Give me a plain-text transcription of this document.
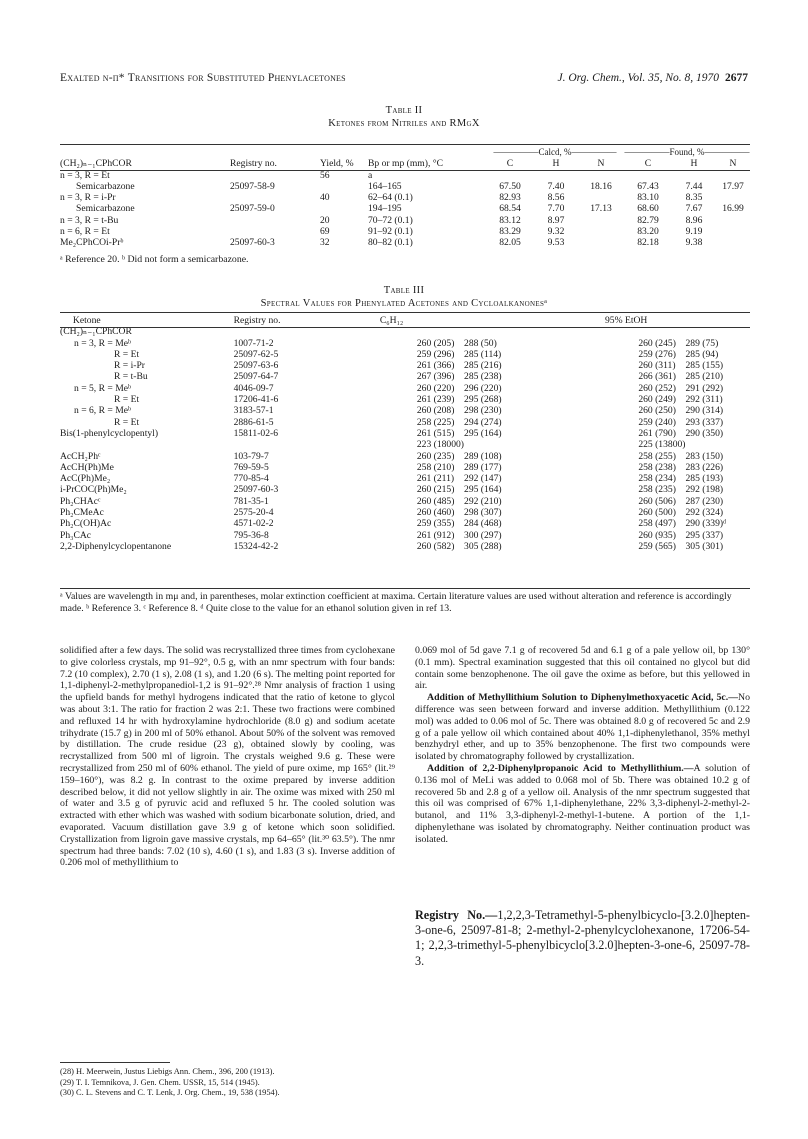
Exalted n-π* Transitions for Substituted Phenylacetones	J. Org. Chem., Vol. 35, No. 8, 1970 2677
Table II
Ketones from Nitriles and RMgX
				—————Calcd, %—————			—————Found, %—————		
(CH₂)ₙ₋₁CPhCOR	Registry no.	Yield, %	Bp or mp (mm), °C	C	H	N	C	H	N
n = 3, R = Et		56	a						
Semicarbazone	25097-58-9		164–165	67.50	7.40	18.16	67.43	7.44	17.97
n = 3, R = i-Pr		40	62–64 (0.1)	82.93	8.56		83.10	8.35	
Semicarbazone	25097-59-0		194–195	68.54	7.70	17.13	68.60	7.67	16.99
n = 3, R = t-Bu		20	70–72 (0.1)	83.12	8.97		82.79	8.96	
n = 6, R = Et		69	91–92 (0.1)	83.29	9.32		83.20	9.19	
Me₂CPhCOi-Prᵇ	25097-60-3	32	80–82 (0.1)	82.05	9.53		82.18	9.38	
ᵃ Reference 20. ᵇ Did not form a semicarbazone.
Table III
Spectral Values for Phenylated Acetones and Cycloalkanonesᵃ
Ketone	Registry no.	C₆H₁₂		95% EtOH	
(CH₂)ₙ₋₁CPhCOR					
n = 3, R = Meᵇ	1007-71-2	260 (205)	288 (50)	260 (245)	289 (75)
R = Et	25097-62-5	259 (296)	285 (114)	259 (276)	285 (94)
R = i-Pr	25097-63-6	261 (366)	285 (216)	260 (311)	285 (155)
R = t-Bu	25097-64-7	267 (396)	285 (238)	266 (361)	285 (210)
n = 5, R = Meᵇ	4046-09-7	260 (220)	296 (220)	260 (252)	291 (292)
R = Et	17206-41-6	261 (239)	295 (268)	260 (249)	292 (311)
n = 6, R = Meᵇ	3183-57-1	260 (208)	298 (230)	260 (250)	290 (314)
R = Et	2886-61-5	258 (225)	294 (274)	259 (240)	293 (337)
Bis(1-phenylcyclopentyl)	15811-02-6	261 (515)	295 (164)	261 (790)	290 (350)
		223 (18000)		225 (13800)	
AcCH₂Phᶜ	103-79-7	260 (235)	289 (108)	258 (255)	283 (150)
AcCH(Ph)Me	769-59-5	258 (210)	289 (177)	258 (238)	283 (226)
AcC(Ph)Me₂	770-85-4	261 (211)	292 (147)	258 (234)	285 (193)
i-PrCOC(Ph)Me₂	25097-60-3	260 (215)	295 (164)	258 (235)	292 (198)
Ph₂CHAcᶜ	781-35-1	260 (485)	292 (210)	260 (506)	287 (230)
Ph₂CMeAc	2575-20-4	260 (460)	298 (307)	260 (500)	292 (324)
Ph₂C(OH)Ac	4571-02-2	259 (355)	284 (468)	258 (497)	290 (339)ᵈ
Ph₃CAc	795-36-8	261 (912)	300 (297)	260 (935)	295 (337)
2,2-Diphenylcyclopentanone	15324-42-2	260 (582)	305 (288)	259 (565)	305 (301)
ᵃ Values are wavelength in mμ and, in parentheses, molar extinction coefficient at maxima. Certain literature values are used without alteration and reference is accordingly made. ᵇ Reference 3. ᶜ Reference 8. ᵈ Quite close to the value for an ethanol solution given in ref 13.

solidified after a few days. The solid was recrystallized three times from cyclohexane to give colorless crystals, mp 91–92°, 0.5 g, with an nmr spectrum with four bands: 7.2 (10 complex), 2.70 (1 s), 2.08 (1 s), and 1.20 (6 s). The melting point reported for 1,1-diphenyl-2-methylpropanediol-1,2 is 91–92°.²⁸ Nmr analysis of fraction 1 using the upfield bands for methyl hydrogens indicated that the ratio of ketone to glycol was about 3:1. The ratio for fraction 2 was 2:1. These two fractions were combined and refluxed 14 hr with hydroxylamine hydrochloride (8.0 g) and sodium acetate trihydrate (15.7 g) in 200 ml of 50% ethanol. About 50% of the solvent was removed by distillation. The crude residue (23 g), obtained slowly by cooling, was recrystallized from 500 ml of ligroin. The crystals weighed 9.6 g. These were recrystallized from 250 ml of 60% ethanol. The yield of pure oxime, mp 165° (lit.²⁹ 159–160°), was 8.2 g. In contrast to the oxime prepared by inverse addition described below, it did not yellow slightly in air. The oxime was mixed with 250 ml of water and 3.5 g of pyruvic acid and refluxed 5 hr. The cooled solution was extracted with ether which was washed with sodium bicarbonate solution, dried, and evaporated. Vacuum distillation gave 3.9 g of ketone which soon solidified. Crystallization from ligroin gave massive crystals, mp 64–65° (lit.³⁰ 63.5°). The nmr spectrum had three bands: 7.02 (10 s), 4.60 (1 s), and 1.83 (3 s). Inverse addition of 0.206 mol of methyllithium to

0.069 mol of 5d gave 7.1 g of recovered 5d and 6.1 g of a pale yellow oil, bp 130° (0.1 mm). Spectral examination suggested that this oil contained no glycol but did contain some benzophenone. The oil gave the oxime as before, but this yellowed in air.

Addition of Methyllithium Solution to Diphenylmethoxyacetic Acid, 5c.—No difference was seen between forward and inverse addition. Methyllithium (0.122 mol) was added to 0.06 mol of 5c. There was obtained 8.0 g of recovered 5c and 2.9 g of a pale yellow oil which contained about 40% 1,1-diphenylethanol, 35% methyl benzhydryl ether, and up to 35% benzophenone. The first two compounds were isolated by chromatography followed by crystallization.

Addition of 2,2-Diphenylpropanoic Acid to Methyllithium.—A solution of 0.136 mol of MeLi was added to 0.068 mol of 5b. There was obtained 10.2 g of recovered 5b and 2.8 g of a yellow oil. Analysis of the nmr spectrum suggested that this oil was comprised of 67% 1,1-diphenylethane, 22% 3,3-diphenyl-2-methyl-2-butanol, and 11% 3,3-diphenyl-2-methyl-1-butene. A portion of the 1,1-diphenylethane was isolated by chromatography. Neither continuation product was isolated.

Registry No.—1,2,2,3-Tetramethyl-5-phenylbicyclo-[3.2.0]hepten-3-one-6, 25097-81-8; 2-methyl-2-phenylcyclohexanone, 17206-54-1; 2,2,3-trimethyl-5-phenylbicyclo[3.2.0]hepten-3-one-6, 25097-78-3.
(28) H. Meerwein, Justus Liebigs Ann. Chem., 396, 200 (1913).
(29) T. I. Temnikova, J. Gen. Chem. USSR, 15, 514 (1945).
(30) C. L. Stevens and C. T. Lenk, J. Org. Chem., 19, 538 (1954).
